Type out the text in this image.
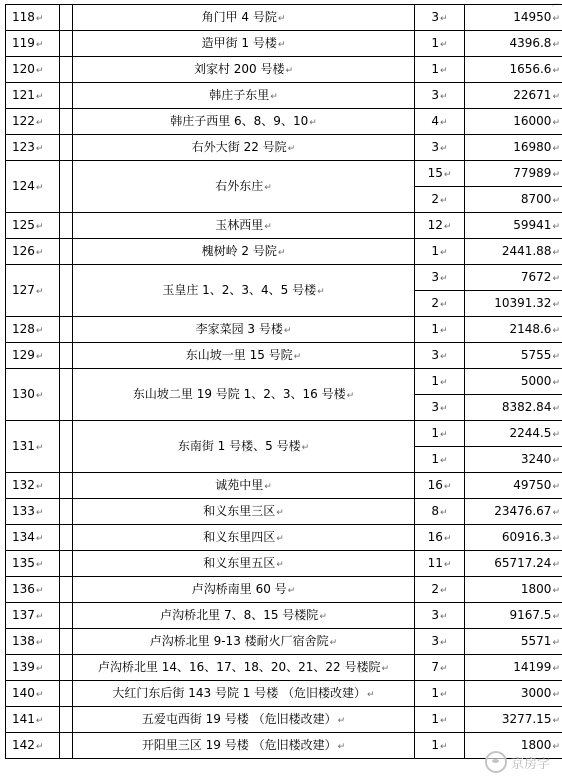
⌐
118↵		角门甲 4 号院↵	3↵	14950↵
119↵		造甲街 1 号楼↵	1↵	4396.8↵
120↵		刘家村 200 号楼↵	1↵	1656.6↵
121↵		韩庄子东里↵	3↵	22671↵
122↵		韩庄子西里 6、8、9、10↵	4↵	16000↵
123↵		右外大街 22 号院↵	3↵	16980↵
124↵		右外东庄↵	15↵	77989↵
			2↵	8700↵
125↵		玉林西里↵	12↵	59941↵
126↵		槐树岭 2 号院↵	1↵	2441.88↵
127↵		玉皇庄 1、2、3、4、5 号楼↵	3↵	7672↵
			2↵	10391.32↵
128↵		李家菜园 3 号楼↵	1↵	2148.6↵
129↵		东山坡一里 15 号院↵	3↵	5755↵
130↵		东山坡二里 19 号院 1、2、3、16 号楼↵	1↵	5000↵
			3↵	8382.84↵
131↵		东南街 1 号楼、5 号楼↵	1↵	2244.5↵
			1↵	3240↵
132↵		诚苑中里↵	16↵	49750↵
133↵		和义东里三区↵	8↵	23476.67↵
134↵		和义东里四区↵	16↵	60916.3↵
135↵		和义东里五区↵	11↵	65717.24↵
136↵		卢沟桥南里 60 号↵	2↵	1800↵
137↵		卢沟桥北里 7、8、15 号楼院↵	3↵	9167.5↵
138↵		卢沟桥北里 9-13 楼耐火厂宿舍院↵	3↵	5571↵
139↵		卢沟桥北里 14、16、17、18、20、21、22 号楼院↵	7↵	14199↵
140↵		大红门东后街 143 号院 1 号楼 （危旧楼改建）↵	1↵	3000↵
141↵		五爱屯西街 19 号楼 （危旧楼改建）↵	1↵	3277.15↵
142↵		开阳里三区 19 号楼 （危旧楼改建）↵	1↵	1800↵
京房字
